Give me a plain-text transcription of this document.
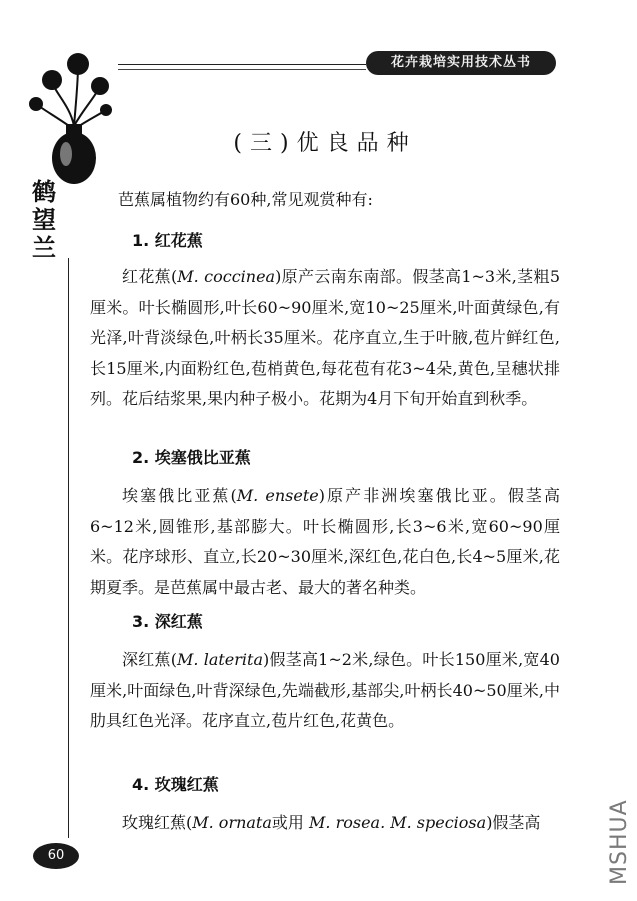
花卉栽培实用技术丛书
鹤望兰
(三)优良品种

芭蕉属植物约有60种,常见观赏种有:

1. 红花蕉

红花蕉(M. coccinea)原产云南东南部。假茎高1~3米,茎粗5厘米。叶长椭圆形,叶长60~90厘米,宽10~25厘米,叶面黄绿色,有光泽,叶背淡绿色,叶柄长35厘米。花序直立,生于叶腋,苞片鲜红色,长15厘米,内面粉红色,苞梢黄色,每花苞有花3~4朵,黄色,呈穗状排列。花后结浆果,果内种子极小。花期为4月下旬开始直到秋季。

2. 埃塞俄比亚蕉

埃塞俄比亚蕉(M. ensete)原产非洲埃塞俄比亚。假茎高6~12米,圆锥形,基部膨大。叶长椭圆形,长3~6米,宽60~90厘米。花序球形、直立,长20~30厘米,深红色,花白色,长4~5厘米,花期夏季。是芭蕉属中最古老、最大的著名种类。

3. 深红蕉

深红蕉(M. laterita)假茎高1~2米,绿色。叶长150厘米,宽40厘米,叶面绿色,叶背深绿色,先端截形,基部尖,叶柄长40~50厘米,中肋具红色光泽。花序直立,苞片红色,花黄色。

4. 玫瑰红蕉

玫瑰红蕉(M. ornata或用 M. rosea. M. speciosa)假茎高

60	MSHUA
